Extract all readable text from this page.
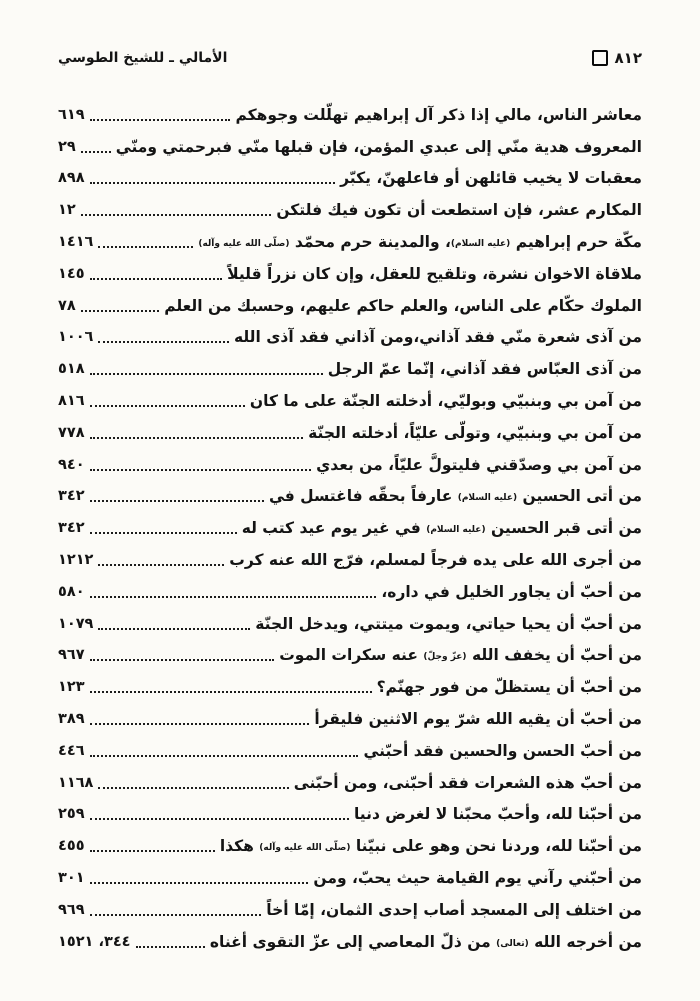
الأمالي ـ للشيخ الطوسي	٨١٢
معاشر الناس، مالي إذا ذكر آل إبراهيم تهلّلت وجوهكم
٦١٩
المعروف هدية منّي إلى عبدي المؤمن، فإن قبلها منّي فبرحمتي ومنّي
٢٩
معقبات لا يخيب قائلهن أو فاعلهنّ، يكبّر
٨٩٨
المكارم عشر، فإن استطعت أن تكون فيك فلتكن
١٢
مكّة حرم إبراهيم (عليه السلام)، والمدينة حرم محمّد (صلّى الله عليه وآله)
١٤١٦
ملاقاة الاخوان نشرة، وتلقيح للعقل، وإن كان نزراً قليلاً
١٤٥
الملوك حكّام على الناس، والعلم حاكم عليهم، وحسبك من العلم
٧٨
من آذى شعرة منّي فقد آذاني،ومن آذاني فقد آذى الله
١٠٠٦
من آذى العبّاس فقد آذاني، إنّما عمّ الرجل
٥١٨
من آمن بي وبنبيّي وبوليّي، أدخلته الجنّة على ما كان
٨١٦
من آمن بي وبنبيّي، وتولّى عليّاً، أدخلته الجنّة
٧٧٨
من آمن بي وصدّقني فليتولَّ عليّاً، من بعدي
٩٤٠
من أتى الحسين (عليه السلام) عارفاً بحقّه فاغتسل في
٣٤٢
من أتى قبر الحسين (عليه السلام) في غير يوم عيد كتب له
٣٤٢
من أجرى الله على يده فرجاً لمسلم، فرّج الله عنه كرب
١٢١٢
من أحبّ أن يجاور الخليل في داره،
٥٨٠
من أحبّ أن يحيا حياتي، ويموت ميتتي، ويدخل الجنّة
١٠٧٩
من أحبّ أن يخفف الله (عزّ وجلّ) عنه سكرات الموت
٩٦٧
من أحبّ أن يستظلّ من فور جهنّم؟
١٢٣
من أحبّ أن يقيه الله شرّ يوم الاثنين فليقرأ
٣٨٩
من أحبّ الحسن والحسين فقد أحبّني
٤٤٦
من أحبّ هذه الشعرات فقد أحبّنى، ومن أحبّنى
١١٦٨
من أحبّنا لله، وأحبّ محبّنا لا لغرض دنيا
٢٥٩
من أحبّنا لله، وردنا نحن وهو على نبيّنا (صلّى الله عليه وآله) هكذا
٤٥٥
من أحبّني رآني يوم القيامة حيث يحبّ، ومن
٣٠١
من اختلف إلى المسجد أصاب إحدى الثمان، إمّا أخاً
٩٦٩
من أخرجه الله (تعالى) من ذلّ المعاصي إلى عزّ التقوى أغناه
٣٤٤، ١٥٢١
